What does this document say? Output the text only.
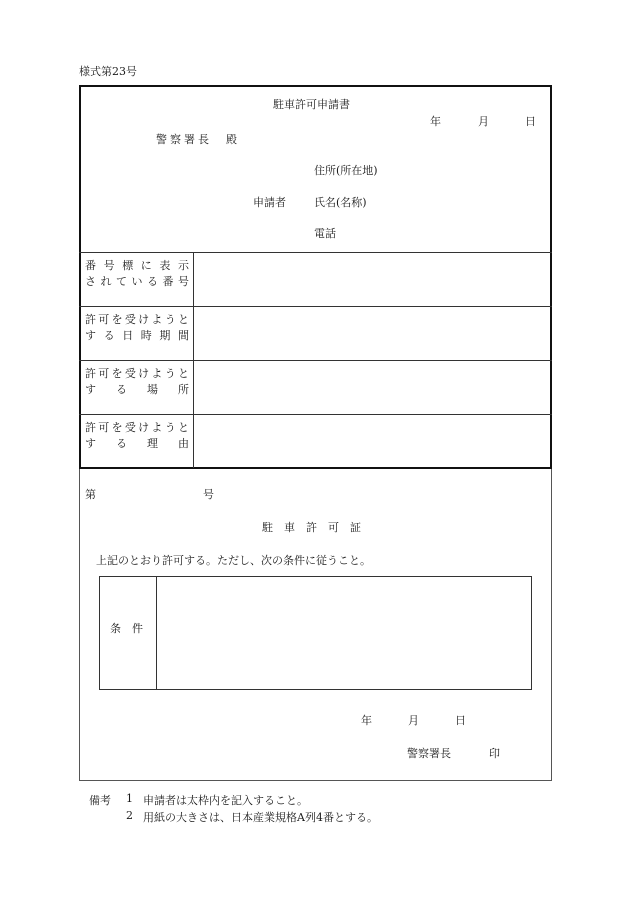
様式第23号
駐車許可申請書
年	月	日
警察署長　殿
住所(所在地)
申請者	氏名(名称)
電話
番 号 標 に 表 示
さ れ て い る 番 号
許 可 を 受 け よ う と
す る 日 時 期 間
許 可 を 受 け よ う と
す る 場 所
許 可 を 受 け よ う と
す る 理 由
第	号
駐　車　許　可　証
上記のとおり許可する。ただし、次の条件に従うこと。
条　件
年	月	日
警察署長	印
備考 1 申請者は太枠内を記入すること。
2 用紙の大きさは、日本産業規格A列4番とする。
